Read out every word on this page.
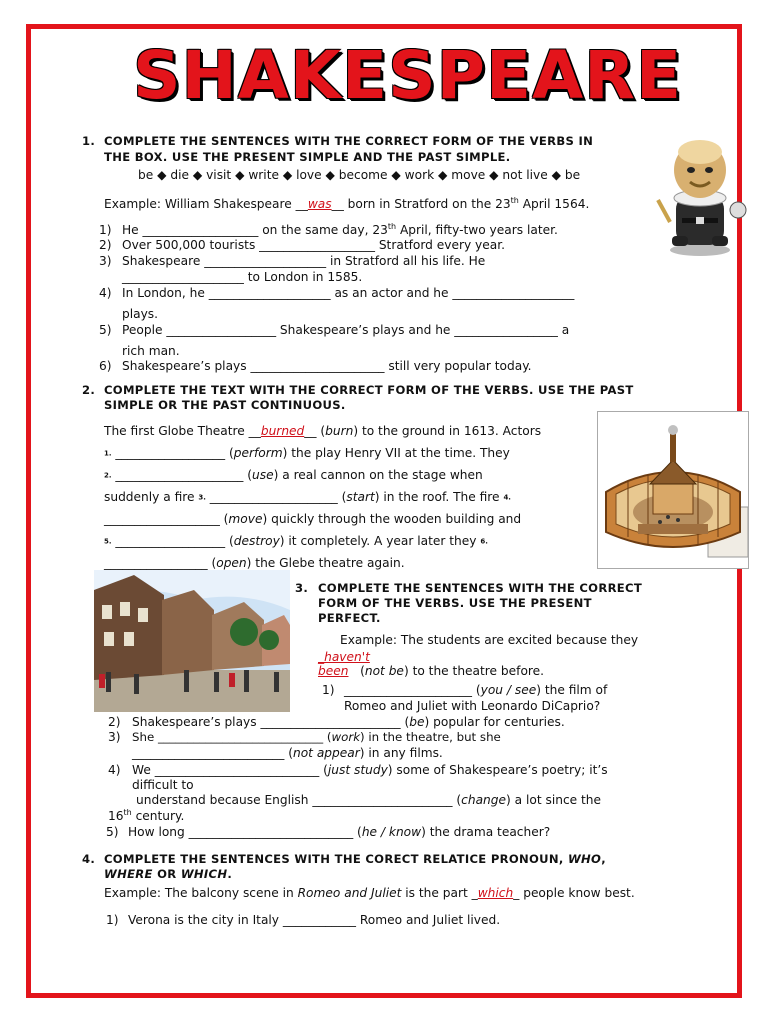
SHAKESPEARE
1. COMPLETE THE SENTENCES WITH THE CORRECT FORM OF THE VERBS IN
THE BOX. USE THE PRESENT SIMPLE AND THE PAST SIMPLE.
be ◆ die ◆ visit ◆ write ◆ love ◆ become ◆ work ◆ move ◆ not live ◆ be
Example: William Shakespeare __was__ born in Stratford on the 23th April 1564.
1) He ___________________ on the same day, 23th April, fifty-two years later.
2) Over 500,000 tourists ___________________ Stratford every year.
3) Shakespeare ____________________ in Stratford all his life. He
____________________ to London in 1585.
4) In London, he ____________________ as an actor and he ____________________
plays.
5) People __________________ Shakespeare’s plays and he _________________ a
rich man.
6) Shakespeare’s plays ______________________ still very popular today.
2. COMPLETE THE TEXT WITH THE CORRECT FORM OF THE VERBS. USE THE PAST
SIMPLE OR THE PAST CONTINUOUS.
The first Globe Theatre __burned__ (burn) to the ground in 1613. Actors
1. __________________ (perform) the play Henry VII at the time. They
2. _____________________ (use) a real cannon on the stage when
suddenly a fire 3. _____________________ (start) in the roof. The fire 4.
___________________ (move) quickly through the wooden building and
5. __________________ (destroy) it completely. A year later they 6.
_________________ (open) the Glebe theatre again.
3. COMPLETE THE SENTENCES WITH THE CORRECT
FORM OF THE VERBS. USE THE PRESENT
PERFECT.
Example: The students are excited because they
_haven't
been (not be) to the theatre before.
1) _____________________ (you / see) the film of
Romeo and Juliet with Leonardo DiCaprio?
2) Shakespeare’s plays _______________________ (be) popular for centuries.
3) She ____________________________ (work) in the theatre, but she
_________________________ (not appear) in any films.
4) We ___________________________ (just study) some of Shakespeare’s poetry; it’s
difficult to
understand because English _______________________ (change) a lot since the
16th century.
5) How long ___________________________ (he / know) the drama teacher?
4. COMPLETE THE SENTENCES WITH THE CORECT RELATICE PRONOUN, WHO,
WHERE OR WHICH.
Example: The balcony scene in Romeo and Juliet is the part _which_ people know best.
1) Verona is the city in Italy ____________ Romeo and Juliet lived.
